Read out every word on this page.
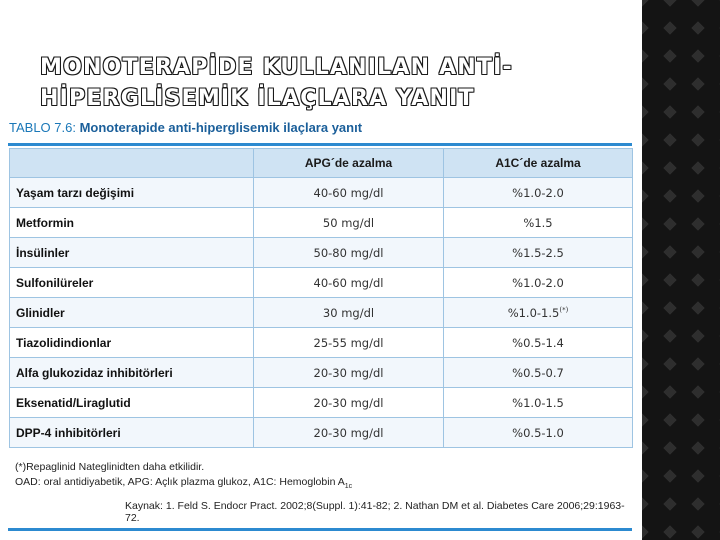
MONOTERAPİDE KULLANILAN ANTİ-HİPERGLİSEMİK İLAÇLARA YANIT
TABLO 7.6: Monoterapide anti-hiperglisemik ilaçlara yanıt
	APG´de azalma	A1C´de azalma
Yaşam tarzı değişimi	40-60 mg/dl	%1.0-2.0
Metformin	50 mg/dl	%1.5
İnsülinler	50-80 mg/dl	%1.5-2.5
Sulfonilüreler	40-60 mg/dl	%1.0-2.0
Glinidler	30 mg/dl	%1.0-1.5(*)
Tiazolidindionlar	25-55 mg/dl	%0.5-1.4
Alfa glukozidaz inhibitörleri	20-30 mg/dl	%0.5-0.7
Eksenatid/Liraglutid	20-30 mg/dl	%1.0-1.5
DPP-4 inhibitörleri	20-30 mg/dl	%0.5-1.0
(*)Repaglinid Nateglinidten daha etkilidir.
OAD: oral antidiyabetik, APG: Açlık plazma glukoz, A1C: Hemoglobin $A_{1c}$
Kaynak: 1. Feld S. Endocr Pract. 2002;8(Suppl. 1):41-82; 2. Nathan DM et al. Diabetes Care 2006;29:1963-72.
